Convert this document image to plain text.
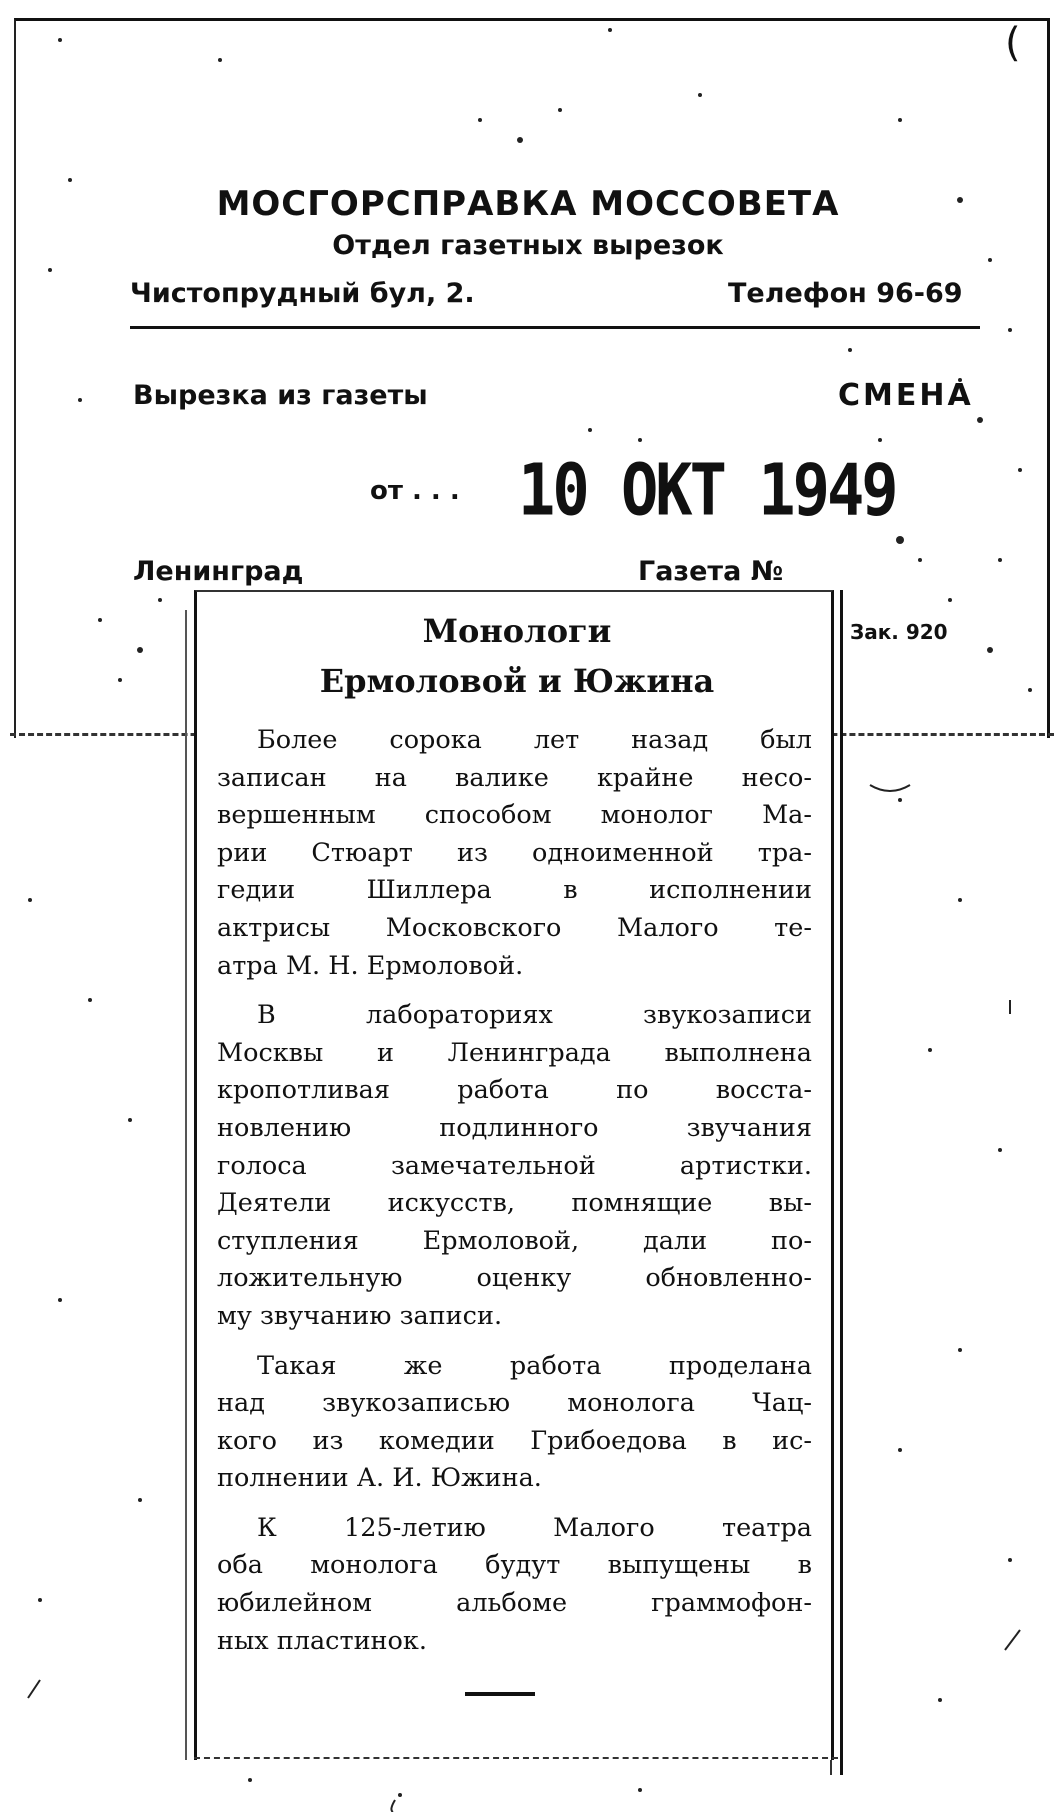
(
МОСГОРСПРАВКА МОССОВЕТА
Отдел газетных вырезок
Чистопрудный бул, 2.	Телефон 96-69
Вырезка из газеты	СМЕНА
от . . . 10 ОКТ 1949
Ленинград	Газета №
Зак. 920
Монологи
Ермоловой и Южина
Более сорока лет назад был
записан на валике крайне несо-
вершенным способом монолог Ма-
рии Стюарт из одноименной тра-
гедии Шиллера в исполнении
актрисы Московского Малого те-
атра М. Н. Ермоловой.
В лабораториях звукозаписи
Москвы и Ленинграда выполнена
кропотливая работа по восста-
новлению подлинного звучания
голоса замечательной артистки.
Деятели искусств, помнящие вы-
ступления Ермоловой, дали по-
ложительную оценку обновленно-
му звучанию записи.
Такая же работа проделана
над звукозаписью монолога Чац-
кого из комедии Грибоедова в ис-
полнении А. И. Южина.
К 125-летию Малого театра
оба монолога будут выпущены в
юбилейном альбоме граммофон-
ных пластинок.
